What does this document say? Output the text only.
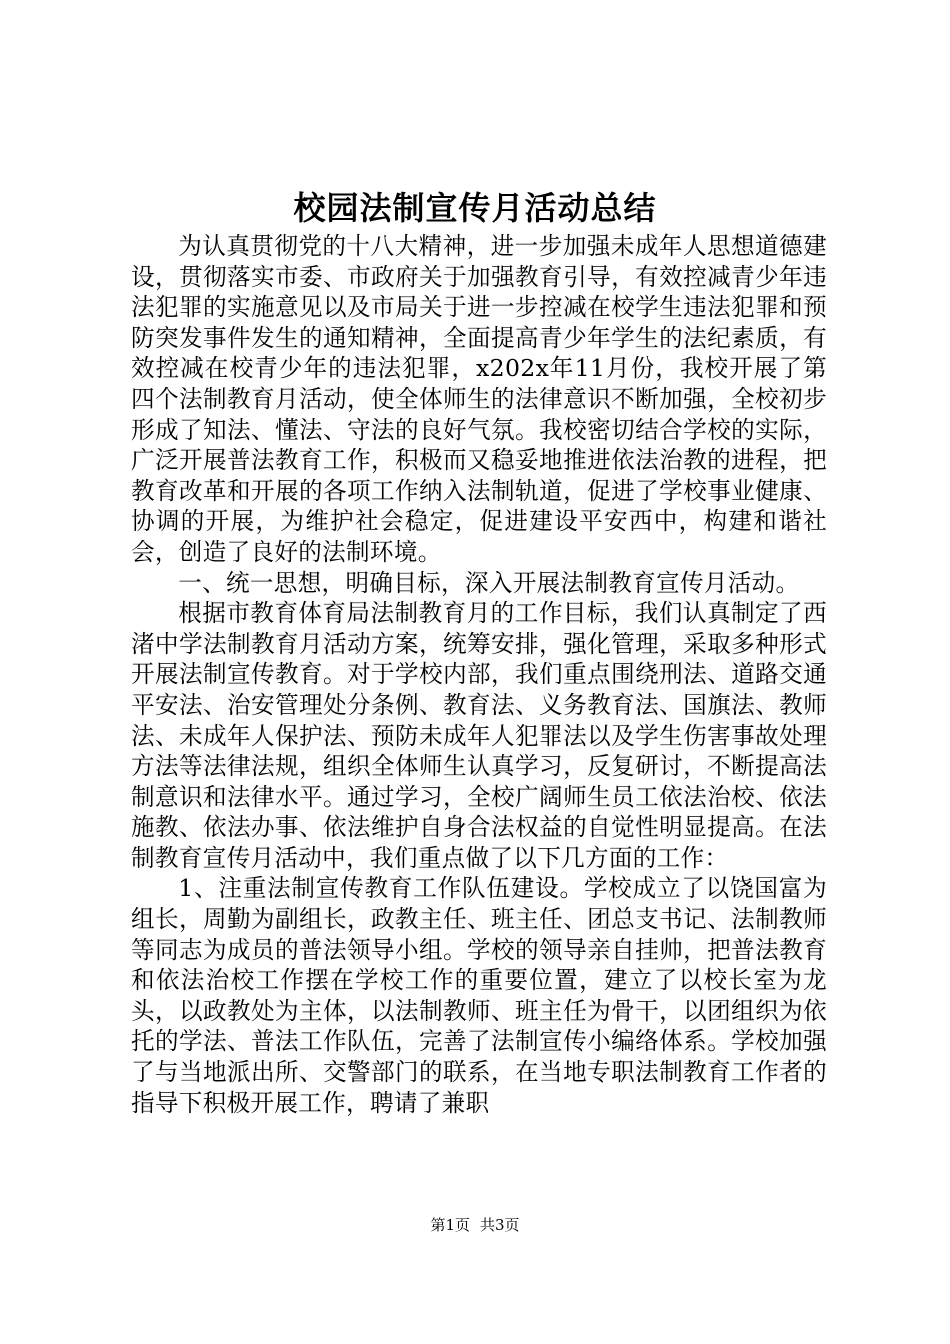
校园法制宣传月活动总结

为认真贯彻党的十八大精神，进一步加强未成年人思想道德建设，贯彻落实市委、市政府关于加强教育引导，有效控减青少年违法犯罪的实施意见以及市局关于进一步控减在校学生违法犯罪和预防突发事件发生的通知精神，全面提高青少年学生的法纪素质，有效控减在校青少年的违法犯罪，x202x年11月份，我校开展了第四个法制教育月活动，使全体师生的法律意识不断加强，全校初步形成了知法、懂法、守法的良好气氛。我校密切结合学校的实际，广泛开展普法教育工作，积极而又稳妥地推进依法治教的进程，把教育改革和开展的各项工作纳入法制轨道，促进了学校事业健康、协调的开展，为维护社会稳定，促进建设平安西中，构建和谐社会，创造了良好的法制环境。

一、统一思想，明确目标，深入开展法制教育宣传月活动。

根据市教育体育局法制教育月的工作目标，我们认真制定了西渚中学法制教育月活动方案，统筹安排，强化管理，采取多种形式开展法制宣传教育。对于学校内部，我们重点围绕刑法、道路交通平安法、治安管理处分条例、教育法、义务教育法、国旗法、教师法、未成年人保护法、预防未成年人犯罪法以及学生伤害事故处理方法等法律法规，组织全体师生认真学习，反复研讨，不断提高法制意识和法律水平。通过学习，全校广阔师生员工依法治校、依法施教、依法办事、依法维护自身合法权益的自觉性明显提高。在法制教育宣传月活动中，我们重点做了以下几方面的工作：

1、注重法制宣传教育工作队伍建设。学校成立了以饶国富为组长，周勤为副组长，政教主任、班主任、团总支书记、法制教师等同志为成员的普法领导小组。学校的领导亲自挂帅，把普法教育和依法治校工作摆在学校工作的重要位置，建立了以校长室为龙头，以政教处为主体，以法制教师、班主任为骨干，以团组织为依托的学法、普法工作队伍，完善了法制宣传小编络体系。学校加强了与当地派出所、交警部门的联系，在当地专职法制教育工作者的指导下积极开展工作，聘请了兼职

第1页 共3页
